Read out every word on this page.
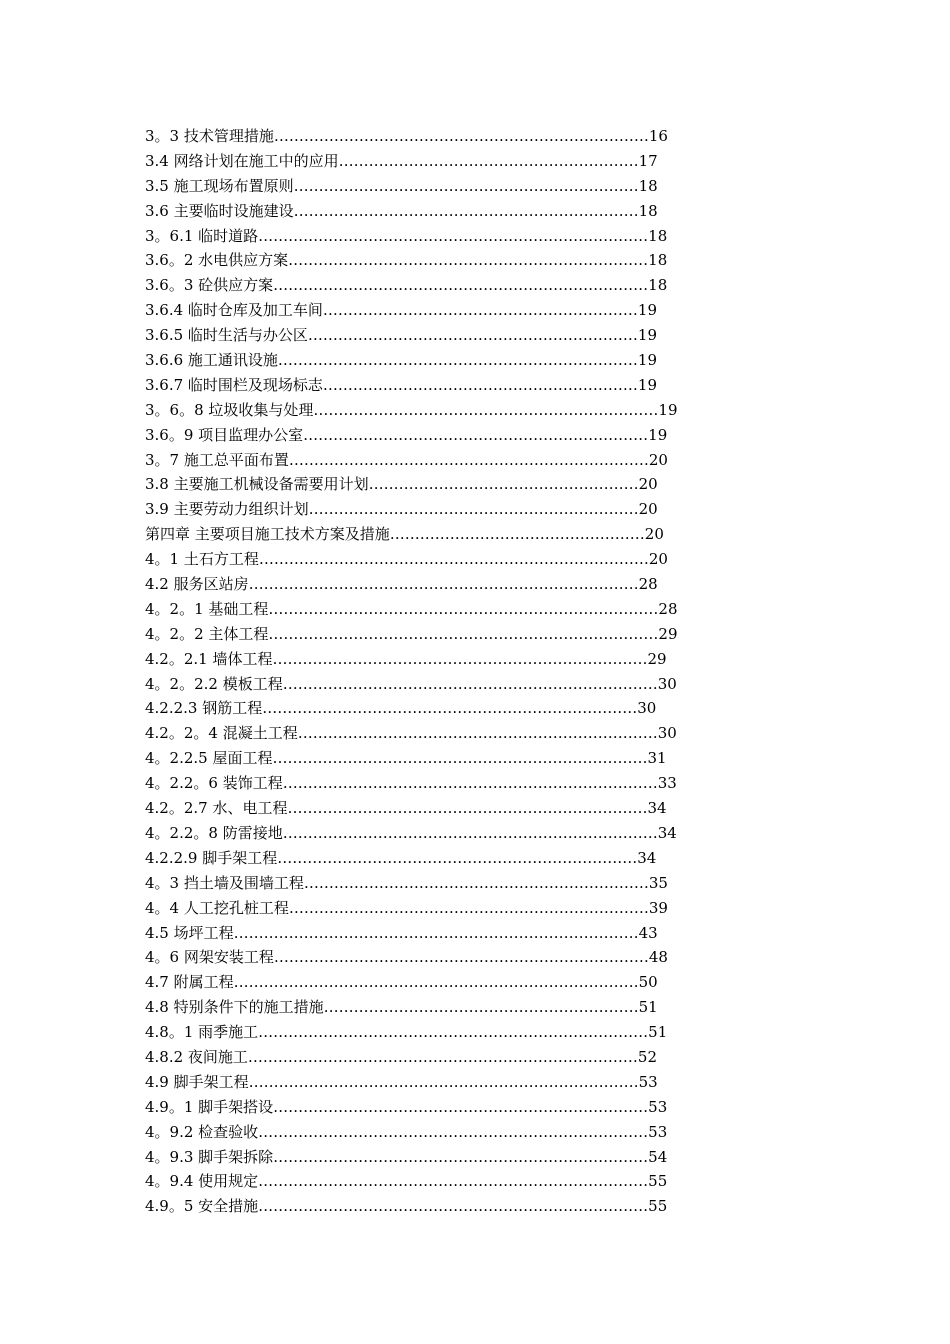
3。3 技术管理措施…………………………………………………………………16
3.4 网络计划在施工中的应用……………………………………………………17
3.5 施工现场布置原则……………………………………………………………18
3.6 主要临时设施建设……………………………………………………………18
3。6.1 临时道路……………………………………………………………………18
3.6。2 水电供应方案………………………………………………………………18
3.6。3 砼供应方案…………………………………………………………………18
3.6.4 临时仓库及加工车间………………………………………………………19
3.6.5 临时生活与办公区…………………………………………………………19
3.6.6 施工通讯设施………………………………………………………………19
3.6.7 临时围栏及现场标志………………………………………………………19
3。6。8 垃圾收集与处理……………………………………………………………19
3.6。9 项目监理办公室……………………………………………………………19
3。7 施工总平面布置………………………………………………………………20
3.8 主要施工机械设备需要用计划………………………………………………20
3.9 主要劳动力组织计划…………………………………………………………20
第四章 主要项目施工技术方案及措施……………………………………………20
4。1 土石方工程……………………………………………………………………20
4.2 服务区站房……………………………………………………………………28
4。2。1 基础工程……………………………………………………………………28
4。2。2 主体工程……………………………………………………………………29
4.2。2.1 墙体工程…………………………………………………………………29
4。2。2.2 模板工程…………………………………………………………………30
4.2.2.3 钢筋工程…………………………………………………………………30
4.2。2。4 混凝土工程………………………………………………………………30
4。2.2.5 屋面工程…………………………………………………………………31
4。2.2。6 装饰工程…………………………………………………………………33
4.2。2.7 水、电工程………………………………………………………………34
4。2.2。8 防雷接地…………………………………………………………………34
4.2.2.9 脚手架工程………………………………………………………………34
4。3 挡土墙及围墙工程……………………………………………………………35
4。4 人工挖孔桩工程………………………………………………………………39
4.5 场坪工程………………………………………………………………………43
4。6 网架安装工程…………………………………………………………………48
4.7 附属工程………………………………………………………………………50
4.8 特别条件下的施工措施………………………………………………………51
4.8。1 雨季施工……………………………………………………………………51
4.8.2 夜间施工……………………………………………………………………52
4.9 脚手架工程……………………………………………………………………53
4.9。1 脚手架搭设…………………………………………………………………53
4。9.2 检查验收……………………………………………………………………53
4。9.3 脚手架拆除…………………………………………………………………54
4。9.4 使用规定……………………………………………………………………55
4.9。5 安全措施……………………………………………………………………55
